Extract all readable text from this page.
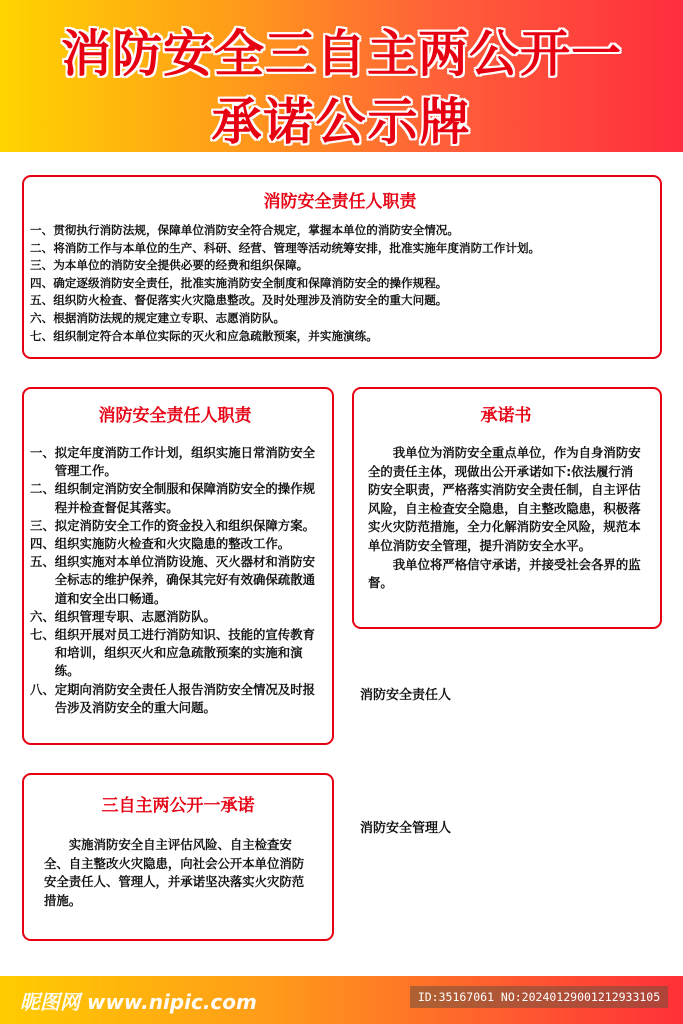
消防安全三自主两公开一
承诺公示牌
消防安全责任人职责
一、贯彻执行消防法规，保障单位消防安全符合规定，掌握本单位的消防安全情况。
二、将消防工作与本单位的生产、科研、经营、管理等活动统筹安排，批准实施年度消防工作计划。
三、为本单位的消防安全提供必要的经费和组织保障。
四、确定逐级消防安全责任，批准实施消防安全制度和保障消防安全的操作规程。
五、组织防火检查、督促落实火灾隐患整改。及时处理涉及消防安全的重大问题。
六、根据消防法规的规定建立专职、志愿消防队。
七、组织制定符合本单位实际的灭火和应急疏散预案，并实施演练。
消防安全责任人职责
一、 拟定年度消防工作计划，组织实施日常消防安全管理工作。
二、 组织制定消防安全制服和保障消防安全的操作规程并检查督促其落实。
三、 拟定消防安全工作的资金投入和组织保障方案。
四、 组织实施防火检查和火灾隐患的整改工作。
五、 组织实施对本单位消防设施、灭火器材和消防安全标志的维护保养，确保其完好有效确保疏散通道和安全出口畅通。
六、 组织管理专职、志愿消防队。
七、 组织开展对员工进行消防知识、技能的宣传教育和培训，组织灭火和应急疏散预案的实施和演练。
八、 定期向消防安全责任人报告消防安全情况及时报告涉及消防安全的重大问题。
承诺书

我单位为消防安全重点单位，作为自身消防安全的责任主体，现做出公开承诺如下:依法履行消防安全职责，严格落实消防安全责任制，自主评估风险，自主检查安全隐患，自主整改隐患，积极落实火灾防范措施，全力化解消防安全风险，规范本单位消防安全管理，提升消防安全水平。

我单位将严格信守承诺，并接受社会各界的监督。

消防安全责任人
消防安全管理人
三自主两公开一承诺

实施消防安全自主评估风险、自主检查安全、自主整改火灾隐患，向社会公开本单位消防安全责任人、管理人，并承诺坚决落实火灾防范措施。

昵图网 www.nipic.com	ID:35167061 NO:20240129001212933105
